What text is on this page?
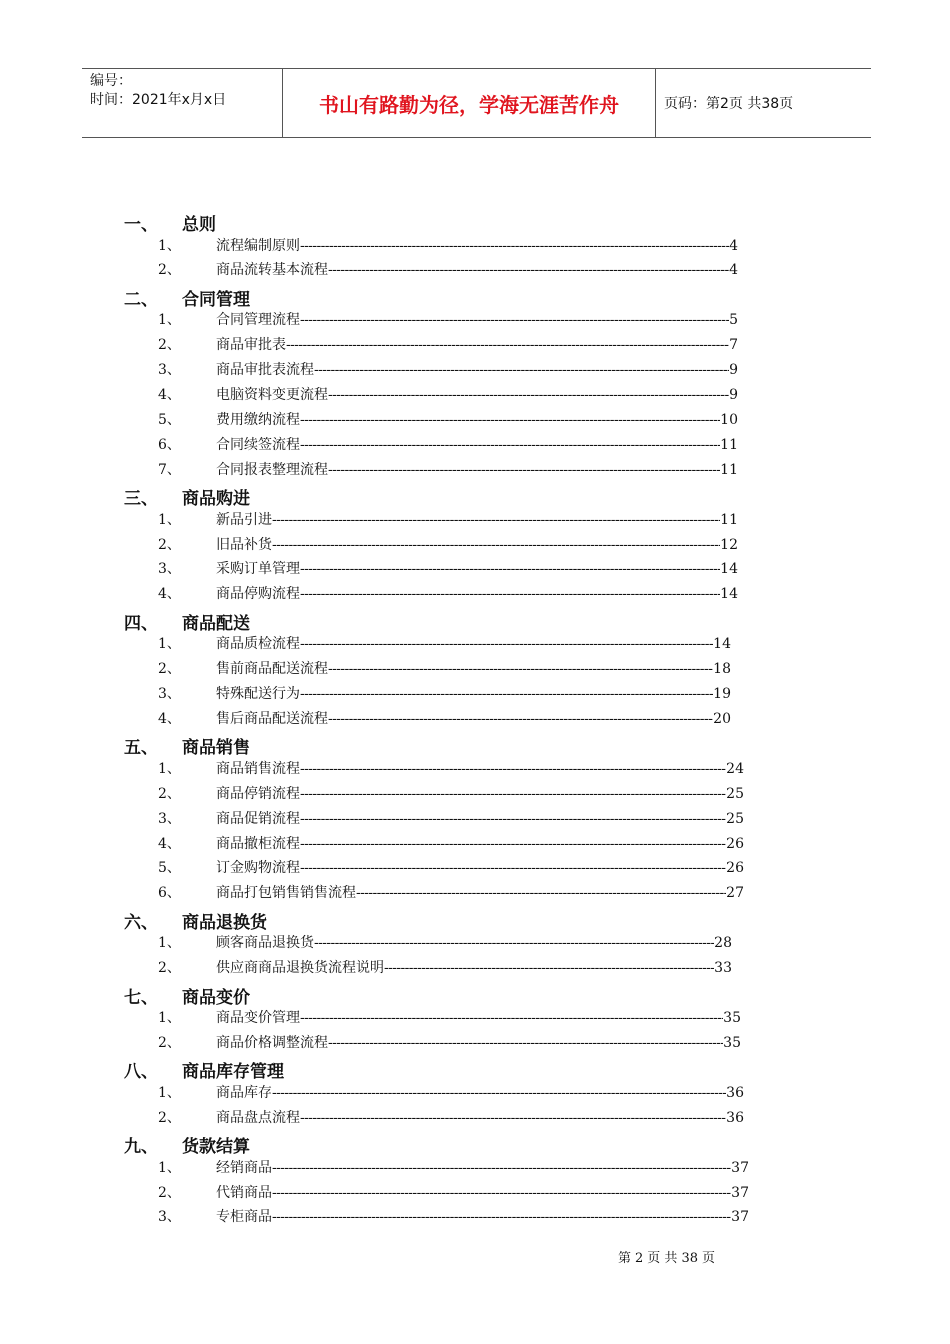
编号：
时间：2021年x月x日	书山有路勤为径，学海无涯苦作舟	页码：第2页 共38页
一、 总则
1、	流程编制原则 -----	4
2、	商品流转基本流程 -----	4
二、 合同管理
1、	合同管理流程 -----	5
2、	商品审批表 -----	7
3、	商品审批表流程 -----	9
4、	电脑资料变更流程 -----	9
5、	费用缴纳流程 -----	10
6、	合同续签流程 -----	11
7、	合同报表整理流程 -----	11
三、 商品购进
1、	新品引进 -----	11
2、	旧品补货 -----	12
3、	采购订单管理 -----	14
4、	商品停购流程 -----	14
四、 商品配送
1、	商品质检流程 -----	14
2、	售前商品配送流程 -----	18
3、	特殊配送行为 -----	19
4、	售后商品配送流程 -----	20
五、 商品销售
1、	商品销售流程 -----	24
2、	商品停销流程 -----	25
3、	商品促销流程 -----	25
4、	商品撤柜流程 -----	26
5、	订金购物流程 -----	26
6、	商品打包销售销售流程 -----	27
六、 商品退换货
1、	顾客商品退换货 -----	28
2、	供应商商品退换货流程说明 -----	33
七、 商品变价
1、	商品变价管理 -----	35
2、	商品价格调整流程 -----	35
八、 商品库存管理
1、	商品库存 -----	36
2、	商品盘点流程 -----	36
九、 货款结算
1、	经销商品 -----	37
2、	代销商品 -----	37
3、	专柜商品 -----	37
第 2 页 共 38 页
